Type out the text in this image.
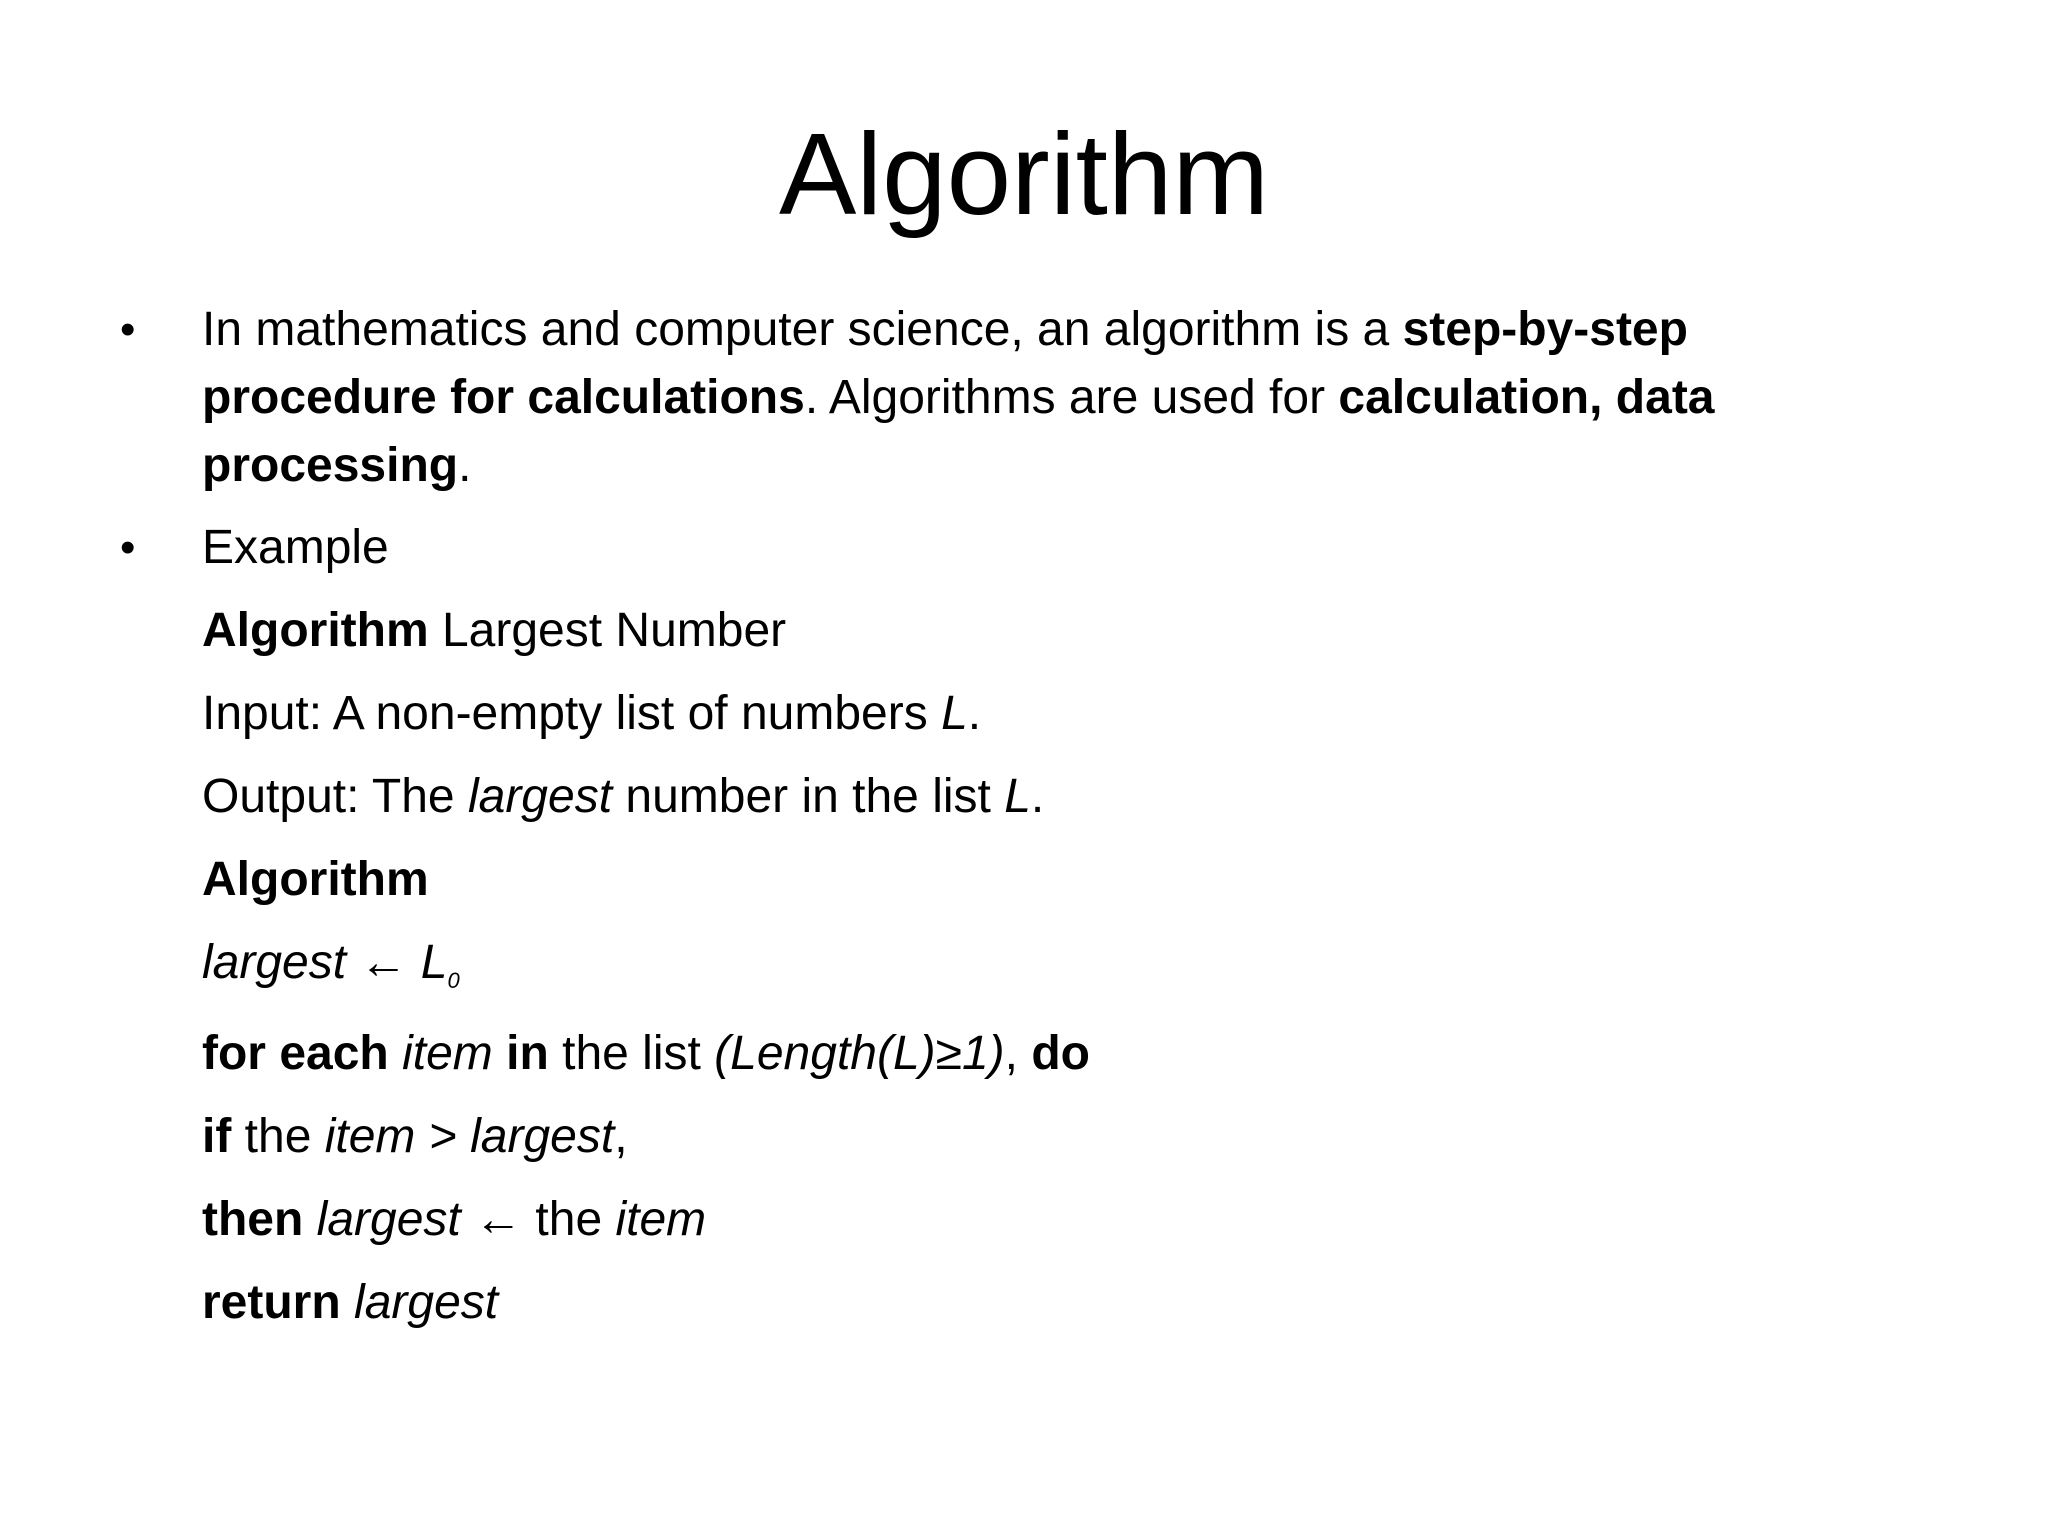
Algorithm
• In mathematics and computer science, an algorithm is a step-by-step procedure for calculations. Algorithms are used for calculation, data processing.
• Example
Algorithm Largest Number
Input: A non-empty list of numbers L.
Output: The largest number in the list L.
Algorithm
largest ← $L_0$
for each item in the list (Length(L)≥1), do
if the item > largest,
then largest ← the item
return largest
